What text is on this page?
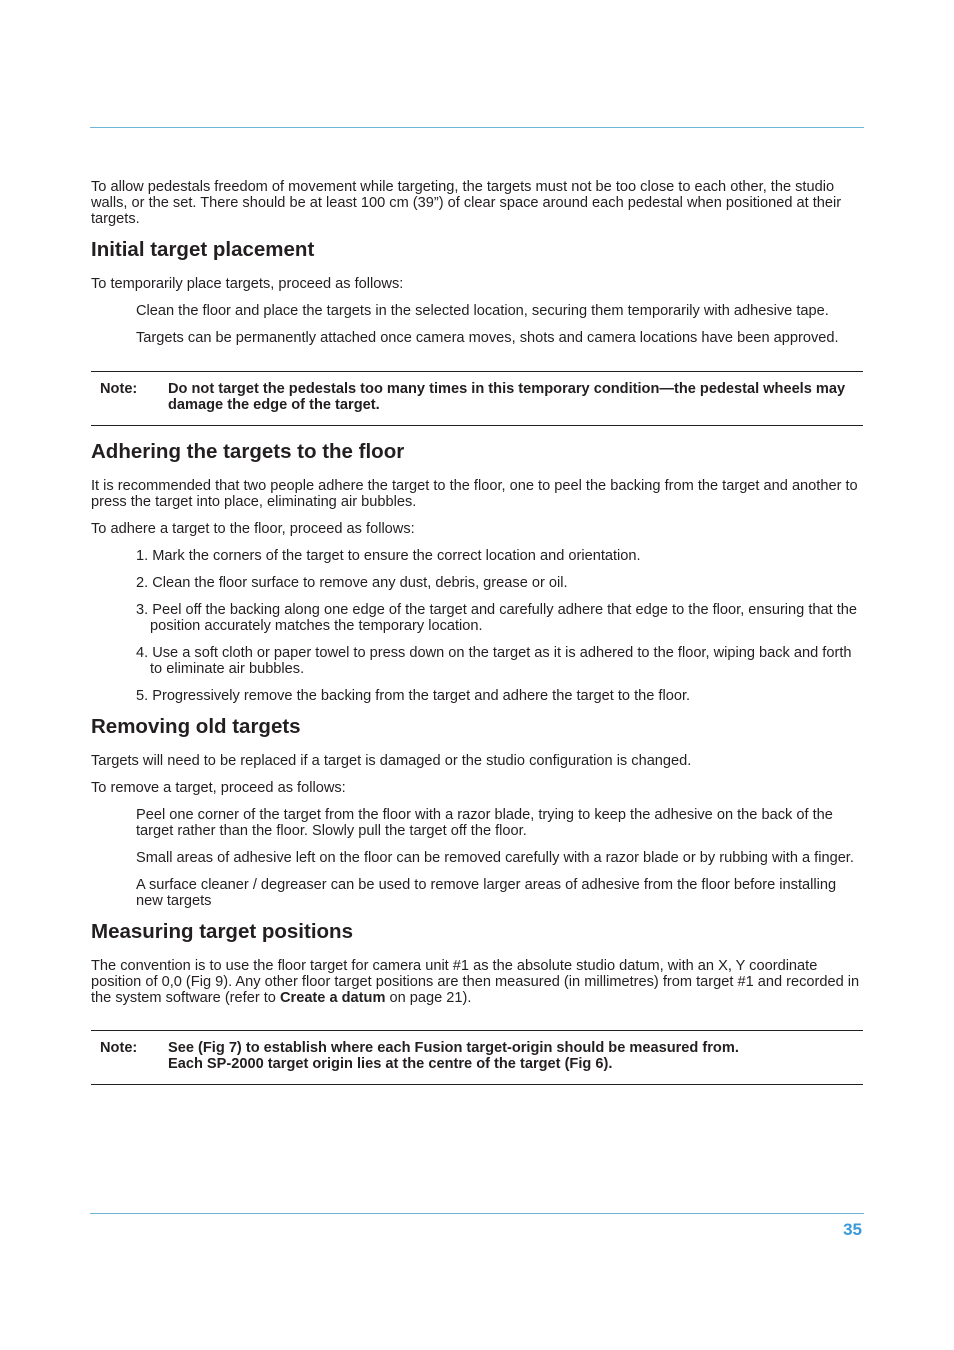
To allow pedestals freedom of movement while targeting, the targets must not be too close to each other, the studio walls, or the set. There should be at least 100 cm (39”) of clear space around each pedestal when positioned at their targets.

Initial target placement

To temporarily place targets, proceed as follows:

Clean the floor and place the targets in the selected location, securing them temporarily with adhesive tape.

Targets can be permanently attached once camera moves, shots and camera locations have been approved.

Note:	Do not target the pedestals too many times in this temporary condition—the pedestal wheels may damage the edge of the target.
Adhering the targets to the floor

It is recommended that two people adhere the target to the floor, one to peel the backing from the target and another to press the target into place, eliminating air bubbles.

To adhere a target to the floor, proceed as follows:

1. Mark the corners of the target to ensure the correct location and orientation.
2. Clean the floor surface to remove any dust, debris, grease or oil.
3. Peel off the backing along one edge of the target and carefully adhere that edge to the floor, ensuring that the position accurately matches the temporary location.
4. Use a soft cloth or paper towel to press down on the target as it is adhered to the floor, wiping back and forth to eliminate air bubbles.
5. Progressively remove the backing from the target and adhere the target to the floor.
Removing old targets

Targets will need to be replaced if a target is damaged or the studio configuration is changed.

To remove a target, proceed as follows:

Peel one corner of the target from the floor with a razor blade, trying to keep the adhesive on the back of the target rather than the floor. Slowly pull the target off the floor.

Small areas of adhesive left on the floor can be removed carefully with a razor blade or by rubbing with a finger.

A surface cleaner / degreaser can be used to remove larger areas of adhesive from the floor before installing new targets

Measuring target positions

The convention is to use the floor target for camera unit #1 as the absolute studio datum, with an X, Y coordinate position of 0,0 (Fig 9). Any other floor target positions are then measured (in millimetres) from target #1 and recorded in the system software (refer to Create a datum on page 21).

Note:	See (Fig 7) to establish where each Fusion target-origin should be measured from.
Each SP-2000 target origin lies at the centre of the target (Fig 6).
35
